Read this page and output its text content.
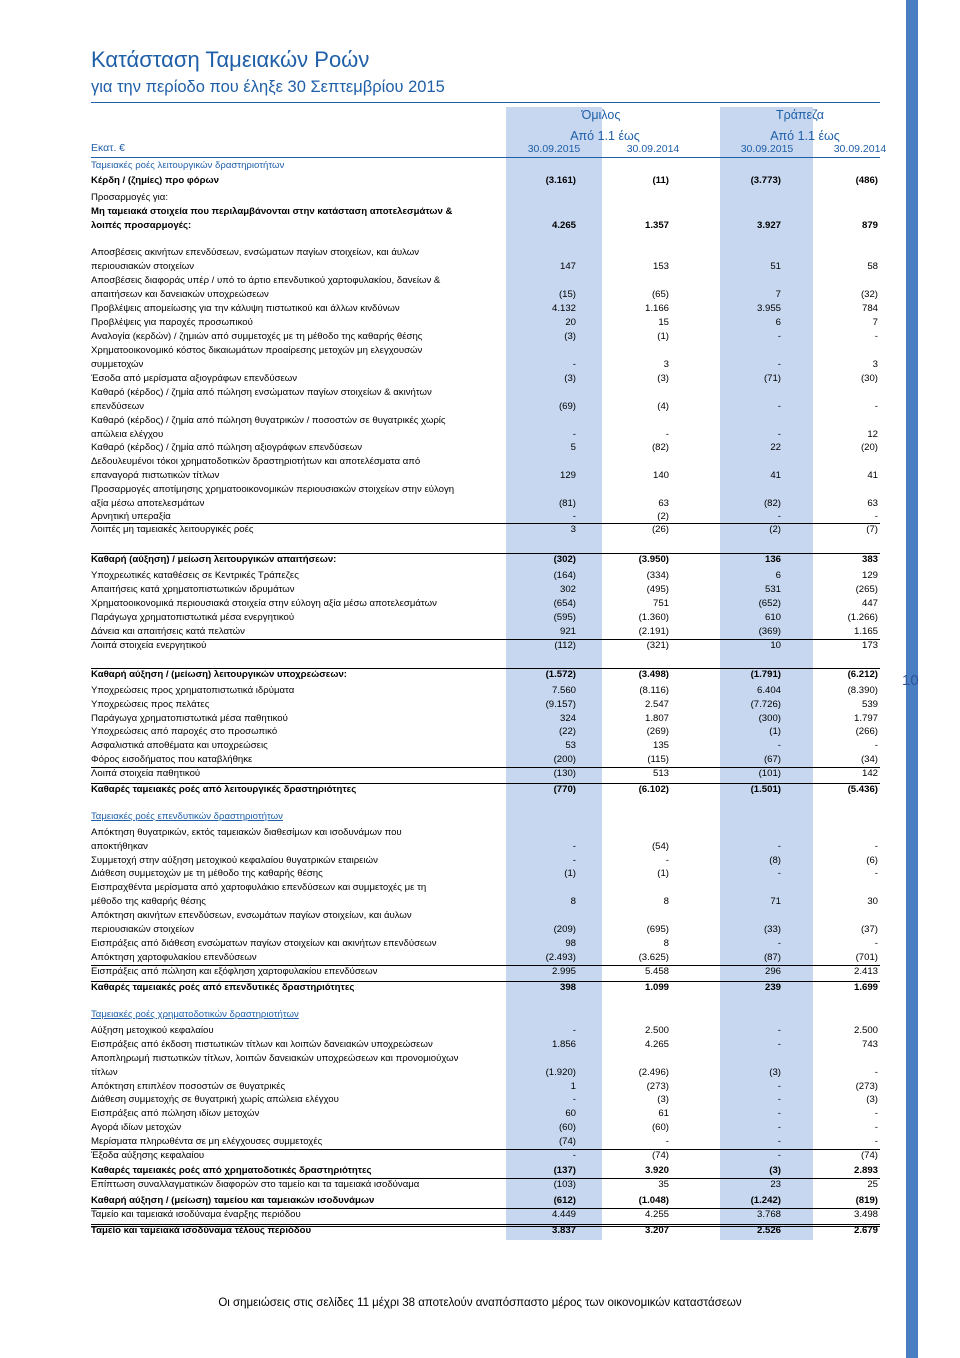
10
Κατάσταση Ταμειακών Ροών
για την περίοδο που έληξε 30 Σεπτεμβρίου 2015
Όμιλος	Τράπεζα
Από 1.1 έως	Από 1.1 έως
Εκατ. €	30.09.2015	30.09.2014	30.09.2015	30.09.2014
Ταμειακές ροές λειτουργικών δραστηριοτήτων
Κέρδη / (ζημίες) προ φόρων	(3.161)	(11)	(3.773)	(486)
Προσαρμογές για:
Μη ταμειακά στοιχεία που περιλαμβάνονται στην κατάσταση αποτελεσμάτων &
λοιπές προσαρμογές:	4.265	1.357	3.927	879
Αποσβέσεις ακινήτων επενδύσεων, ενσώματων παγίων στοιχείων, και άυλων
περιουσιακών στοιχείων	147	153	51	58
Αποσβέσεις διαφοράς υπέρ / υπό το άρτιο επενδυτικού χαρτοφυλακίου, δανείων &
απαιτήσεων και δανειακών υποχρεώσεων	(15)	(65)	7	(32)
Προβλέψεις απομείωσης για την κάλυψη πιστωτικού και άλλων κινδύνων	4.132	1.166	3.955	784
Προβλέψεις για παροχές προσωπικού	20	15	6	7
Αναλογία (κερδών) / ζημιών από συμμετοχές με τη μέθοδο της καθαρής θέσης	(3)	(1)	-	-
Χρηματοοικονομικό κόστος δικαιωμάτων προαίρεσης μετοχών μη ελεγχουσών
συμμετοχών	-	3	-	3
Έσοδα από μερίσματα αξιογράφων επενδύσεων	(3)	(3)	(71)	(30)
Καθαρό (κέρδος) / ζημία από πώληση ενσώματων παγίων στοιχείων & ακινήτων
επενδύσεων	(69)	(4)	-	-
Καθαρό (κέρδος) / ζημία από πώληση θυγατρικών / ποσοστών σε θυγατρικές χωρίς
απώλεια ελέγχου	-	-	-	12
Καθαρό (κέρδος) / ζημία από πώληση αξιογράφων επενδύσεων	5	(82)	22	(20)
Δεδουλευμένοι τόκοι χρηματοδοτικών δραστηριοτήτων και αποτελέσματα από
επαναγορά πιστωτικών τίτλων	129	140	41	41
Προσαρμογές αποτίμησης χρηματοοικονομικών περιουσιακών στοιχείων στην εύλογη
αξία μέσω αποτελεσμάτων	(81)	63	(82)	63
Αρνητική υπεραξία	-	(2)	-	-
Λοιπές μη ταμειακές λειτουργικές ροές	3	(26)	(2)	(7)
Καθαρή (αύξηση) / μείωση λειτουργικών απαιτήσεων:	(302)	(3.950)	136	383
Υποχρεωτικές καταθέσεις σε Κεντρικές Τράπεζες	(164)	(334)	6	129
Απαιτήσεις κατά χρηματοπιστωτικών ιδρυμάτων	302	(495)	531	(265)
Χρηματοοικονομικά περιουσιακά στοιχεία στην εύλογη αξία μέσω αποτελεσμάτων	(654)	751	(652)	447
Παράγωγα χρηματοπιστωτικά μέσα ενεργητικού	(595)	(1.360)	610	(1.266)
Δάνεια και απαιτήσεις κατά πελατών	921	(2.191)	(369)	1.165
Λοιπά στοιχεία ενεργητικού	(112)	(321)	10	173
Καθαρή αύξηση / (μείωση) λειτουργικών υποχρεώσεων:	(1.572)	(3.498)	(1.791)	(6.212)
Υποχρεώσεις προς χρηματοπιστωτικά ιδρύματα	7.560	(8.116)	6.404	(8.390)
Υποχρεώσεις προς πελάτες	(9.157)	2.547	(7.726)	539
Παράγωγα χρηματοπιστωτικά μέσα παθητικού	324	1.807	(300)	1.797
Υποχρεώσεις από παροχές στο προσωπικό	(22)	(269)	(1)	(266)
Ασφαλιστικά αποθέματα και υποχρεώσεις	53	135	-	-
Φόρος εισοδήματος που καταβλήθηκε	(200)	(115)	(67)	(34)
Λοιπά στοιχεία παθητικού	(130)	513	(101)	142
Καθαρές ταμειακές ροές από λειτουργικές δραστηριότητες	(770)	(6.102)	(1.501)	(5.436)
Ταμειακές ροές επενδυτικών δραστηριοτήτων
Απόκτηση θυγατρικών, εκτός ταμειακών διαθεσίμων και ισοδυνάμων που
αποκτήθηκαν	-	(54)	-	-
Συμμετοχή στην αύξηση μετοχικού κεφαλαίου θυγατρικών εταιρειών	-	-	(8)	(6)
Διάθεση συμμετοχών με τη μέθοδο της καθαρής θέσης	(1)	(1)	-	-
Εισπραχθέντα μερίσματα από χαρτοφυλάκιο επενδύσεων και συμμετοχές με τη
μέθοδο της καθαρής θέσης	8	8	71	30
Απόκτηση ακινήτων επενδύσεων, ενσωμάτων παγίων στοιχείων, και άυλων
περιουσιακών στοιχείων	(209)	(695)	(33)	(37)
Εισπράξεις από διάθεση ενσώματων παγίων στοιχείων και ακινήτων επενδύσεων	98	8	-	-
Απόκτηση χαρτοφυλακίου επενδύσεων	(2.493)	(3.625)	(87)	(701)
Εισπράξεις από πώληση και εξόφληση χαρτοφυλακίου επενδύσεων	2.995	5.458	296	2.413
Καθαρές ταμειακές ροές από επενδυτικές δραστηριότητες	398	1.099	239	1.699
Ταμειακές ροές χρηματοδοτικών δραστηριοτήτων
Αύξηση μετοχικού κεφαλαίου	-	2.500	-	2.500
Εισπράξεις από έκδοση πιστωτικών τίτλων και λοιπών δανειακών υποχρεώσεων	1.856	4.265	-	743
Αποπληρωμή πιστωτικών τίτλων, λοιπών δανειακών υποχρεώσεων και προνομιούχων
τίτλων	(1.920)	(2.496)	(3)	-
Απόκτηση επιπλέον ποσοστών σε θυγατρικές	1	(273)	-	(273)
Διάθεση συμμετοχής σε θυγατρική χωρίς απώλεια ελέγχου	-	(3)	-	(3)
Εισπράξεις από πώληση ιδίων μετοχών	60	61	-	-
Αγορά ιδίων μετοχών	(60)	(60)	-	-
Μερίσματα πληρωθέντα σε μη ελέγχουσες συμμετοχές	(74)	-	-	-
Έξοδα αύξησης κεφαλαίου	-	(74)	-	(74)
Καθαρές ταμειακές ροές από χρηματοδοτικές δραστηριότητες	(137)	3.920	(3)	2.893
Επίπτωση συναλλαγματικών διαφορών στο ταμείο και τα ταμειακά ισοδύναμα	(103)	35	23	25
Καθαρή αύξηση / (μείωση) ταμείου και ταμειακών ισοδυνάμων	(612)	(1.048)	(1.242)	(819)
Ταμείο και ταμειακά ισοδύναμα έναρξης περιόδου	4.449	4.255	3.768	3.498
Ταμείο και ταμειακά ισοδύναμα τέλους περιόδου	3.837	3.207	2.526	2.679
Οι σημειώσεις στις σελίδες 11 μέχρι 38 αποτελούν αναπόσπαστο μέρος των οικονομικών καταστάσεων
